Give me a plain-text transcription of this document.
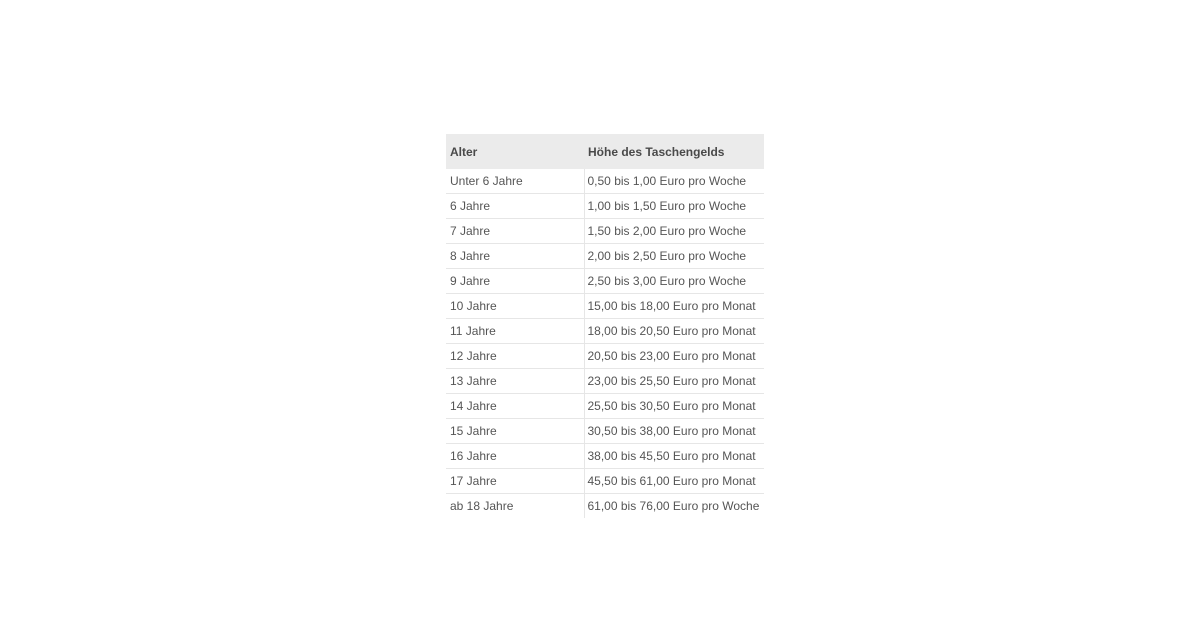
Alter	Höhe des Taschengelds
Unter 6 Jahre	0,50 bis 1,00 Euro pro Woche
6 Jahre	1,00 bis 1,50 Euro pro Woche
7 Jahre	1,50 bis 2,00 Euro pro Woche
8 Jahre	2,00 bis 2,50 Euro pro Woche
9 Jahre	2,50 bis 3,00 Euro pro Woche
10 Jahre	15,00 bis 18,00 Euro pro Monat
11 Jahre	18,00 bis 20,50 Euro pro Monat
12 Jahre	20,50 bis 23,00 Euro pro Monat
13 Jahre	23,00 bis 25,50 Euro pro Monat
14 Jahre	25,50 bis 30,50 Euro pro Monat
15 Jahre	30,50 bis 38,00 Euro pro Monat
16 Jahre	38,00 bis 45,50 Euro pro Monat
17 Jahre	45,50 bis 61,00 Euro pro Monat
ab 18 Jahre	61,00 bis 76,00 Euro pro Woche
